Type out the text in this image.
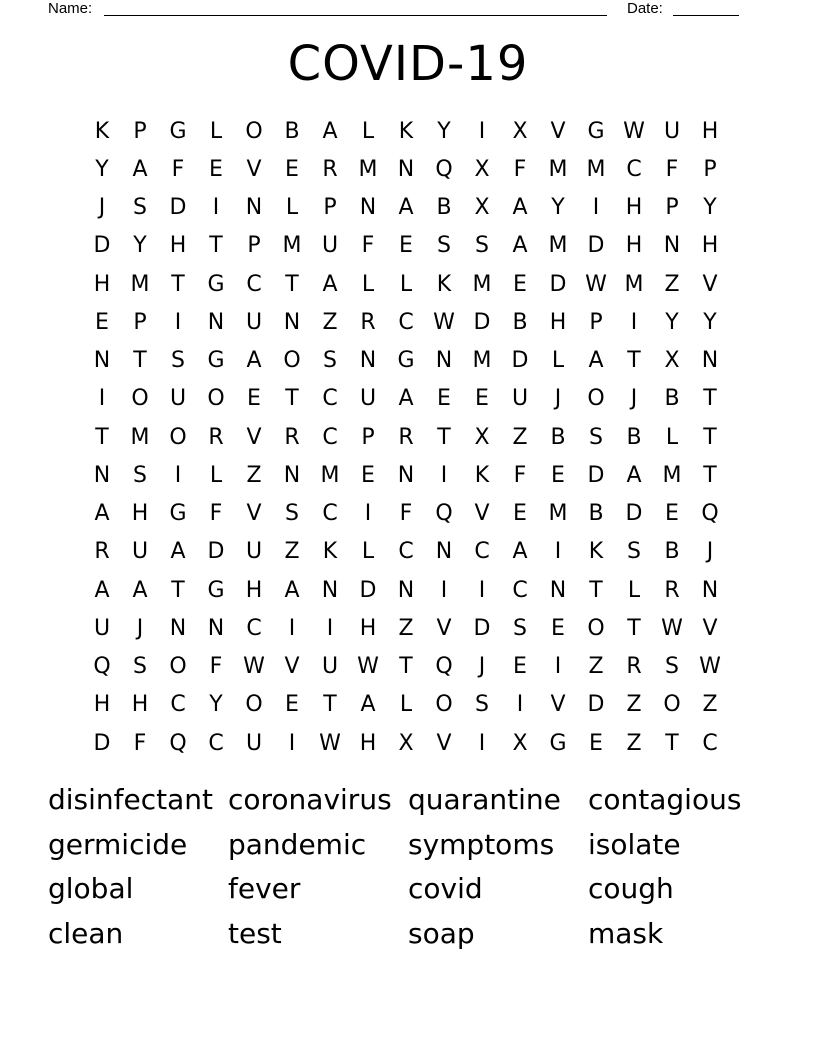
Name:	Date:
COVID-19
K	P	G	L	O B	A	L	K	Y	I	X	V G W U H
Y	A	F	E	V	E	R M N Q X	F	M M C	F	P
J	S	D	I	N	L	P	N	A	B	X	A	Y	I	H	P	Y
D	Y	H	T	P M U	F	E	S	S	A M D H N H
H M T	G C	T	A	L	L	K M E	D W M Z	V
E	P	I	N U N	Z	R	C W D B	H	P	I	Y	Y
N	T	S	G A O	S	N G N M D	L	A	T	X	N
I	O U O	E	T	C	U	A	E	E	U	J	O	J	B	T
T M O R	V	R	C	P	R	T	X	Z	B	S	B	L	T
N	S	I	L	Z	N M E	N	I	K	F	E	D	A M T
A	H G	F	V	S	C	I	F	Q V	E M B D	E	Q
R	U	A D U	Z	K	L	C	N	C	A	I	K	S	B	J
A	A	T	G H	A	N D N	I	I	C	N	T	L	R	N
U	J	N N	C	I	I	H	Z	V D	S	E	O	T W V
Q	S	O	F W V	U W T	Q	J	E	I	Z	R	S W
H H	C	Y	O	E	T	A	L	O	S	I	V D Z O Z
D	F	Q C	U	I	W H	X	V	I	X G	E	Z	T	C
disinfectant coronavirus quarantine contagious
germicide	pandemic	symptoms	isolate
global	fever	covid	cough
clean	test	soap	mask
